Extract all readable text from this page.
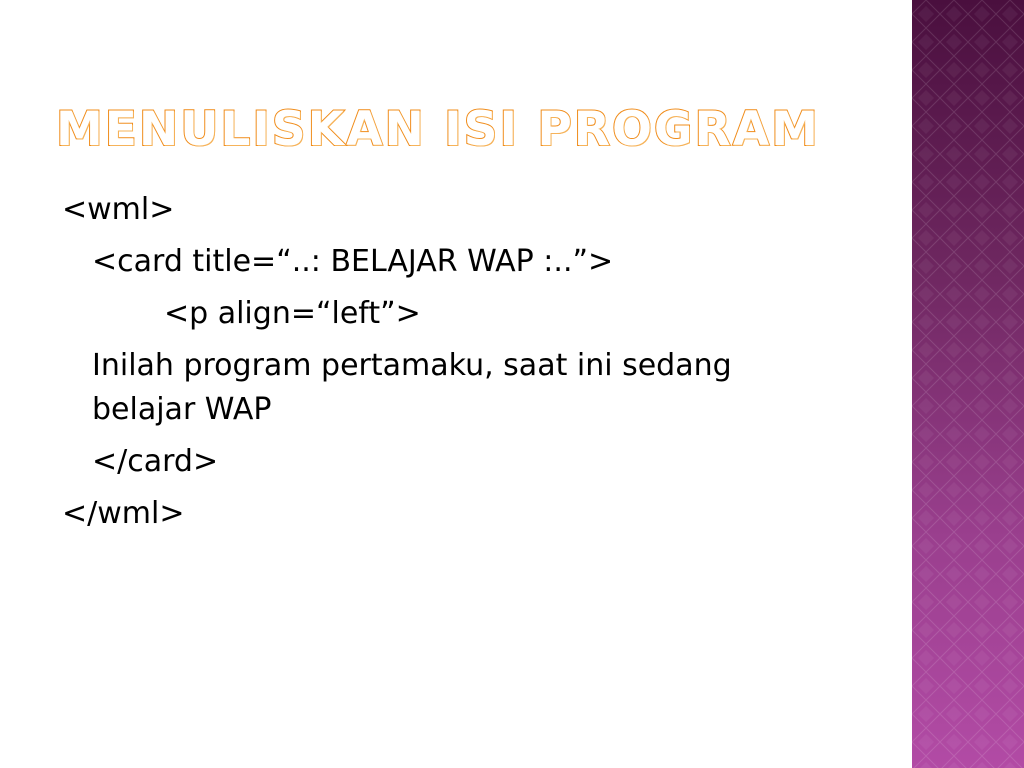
MENULISKAN ISI PROGRAM

<wml>

<card title=“..: BELAJAR WAP :..”>

<p align=“left”>

Inilah program pertamaku, saat ini sedang belajar WAP

</card>

</wml>
